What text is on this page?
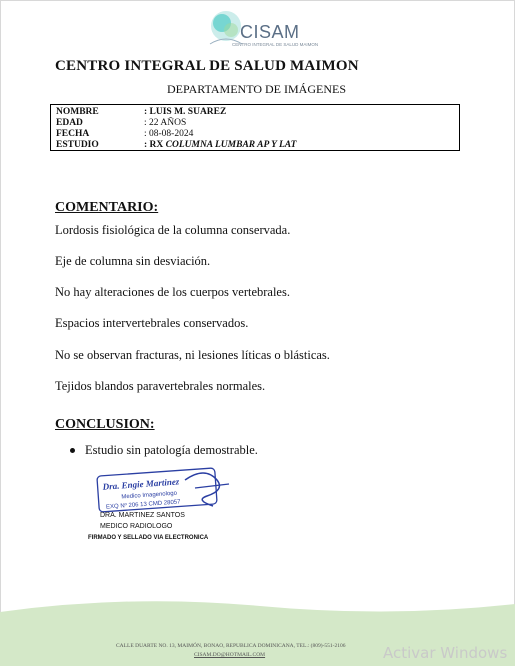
CISAM
CENTRO INTEGRAL DE SALUD MAIMON
CENTRO INTEGRAL DE SALUD MAIMON
DEPARTAMENTO DE IMÁGENES
NOMBRE	: LUIS M. SUAREZ
EDAD	: 22 AÑOS
FECHA	: 08-08-2024
ESTUDIO	: RX COLUMNA LUMBAR AP Y LAT
COMENTARIO:
Lordosis fisiológica de la columna conservada.
Eje de columna sin desviación.
No hay alteraciones de los cuerpos vertebrales.
Espacios intervertebrales conservados.
No se observan fracturas, ni lesiones líticas o blásticas.
Tejidos blandos paravertebrales normales.
CONCLUSION:
Estudio sin patología demostrable.
Dra. Engie Martinez
Medico Imagenologo
EXQ Nº 206 13 CMD 28057
DRA. MARTINEZ SANTOS
MEDICO RADIOLOGO
FIRMADO Y SELLADO VIA ELECTRONICA
CALLE DUARTE NO. 13, MAIMÓN, BONAO, REPUBLICA DOMINICANA, TEL.: (809)-551-2106
CISAM.DO@HOTMAIL.COM	Activar Windows
